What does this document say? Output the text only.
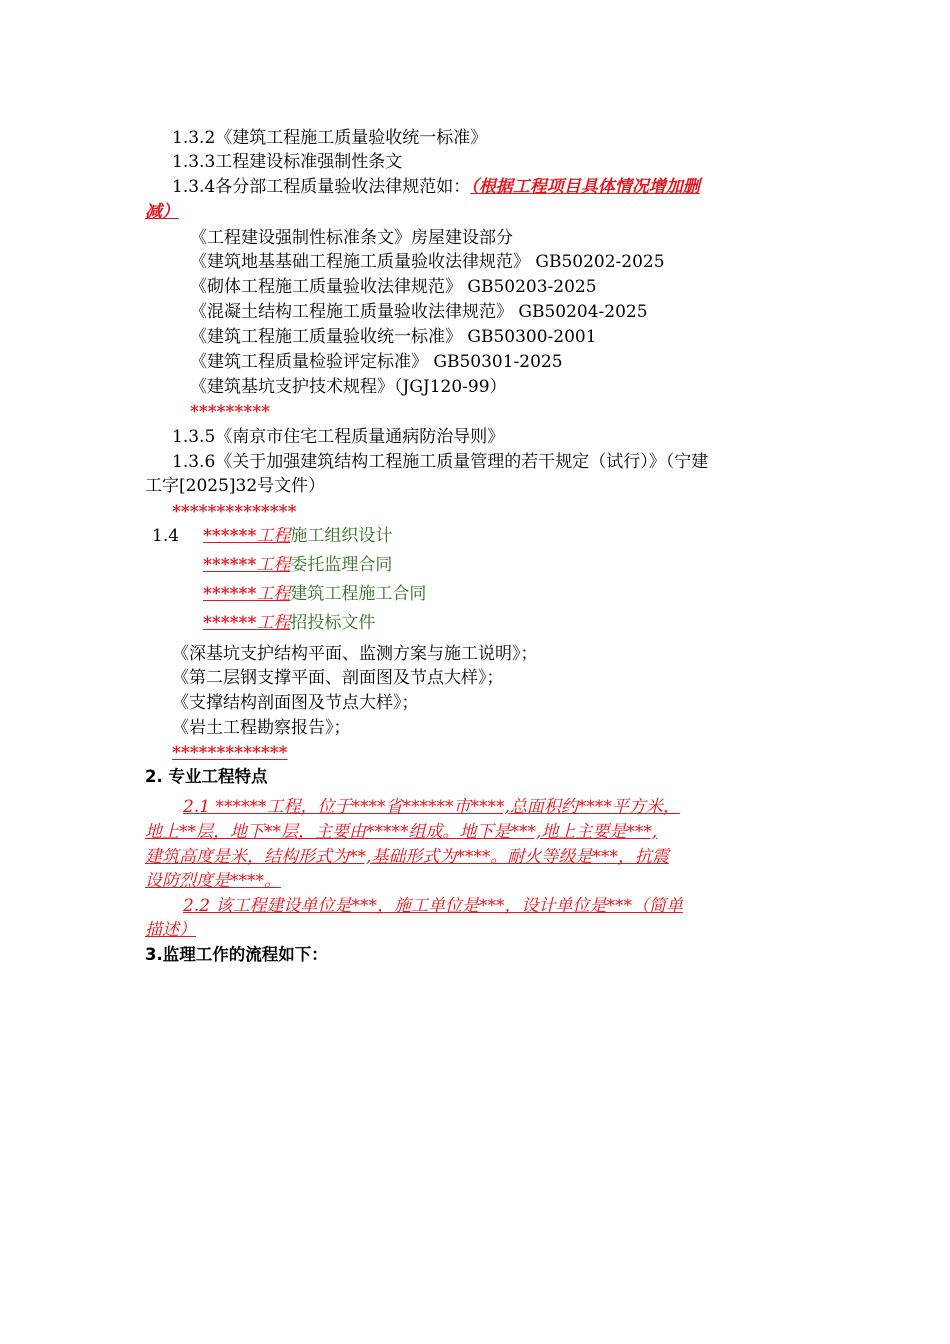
1.3.2《建筑工程施工质量验收统一标准》
1.3.3工程建设标准强制性条文
1.3.4各分部工程质量验收法律规范如：（根据工程项目具体情况增加删
减）
《工程建设强制性标准条文》房屋建设部分
《建筑地基基础工程施工质量验收法律规范》 GB50202-2025
《砌体工程施工质量验收法律规范》 GB50203-2025
《混凝土结构工程施工质量验收法律规范》 GB50204-2025
《建筑工程施工质量验收统一标准》 GB50300-2001
《建筑工程质量检验评定标准》 GB50301-2025
《建筑基坑支护技术规程》（JGJ120-99）
*********
1.3.5《南京市住宅工程质量通病防治导则》
1.3.6《关于加强建筑结构工程施工质量管理的若干规定（试行）》（宁建
工字[2025]32号文件）
**************
1.4 ******工程施工组织设计
******工程委托监理合同
******工程建筑工程施工合同
******工程招投标文件
《深基坑支护结构平面、监测方案与施工说明》；
《第二层钢支撑平面、剖面图及节点大样》；
《支撑结构剖面图及节点大样》；
《岩土工程勘察报告》；
*************
2. 专业工程特点
2.1 ******工程，位于****省******市****,总面积约****平方米，
地上**层，地下**层，主要由*****组成。地下是***,地上主要是***,
建筑高度是米，结构形式为**,基础形式为****。耐火等级是***，抗震
设防烈度是****。
2.2 该工程建设单位是***，施工单位是***，设计单位是***（简单
描述）
3.监理工作的流程如下：
